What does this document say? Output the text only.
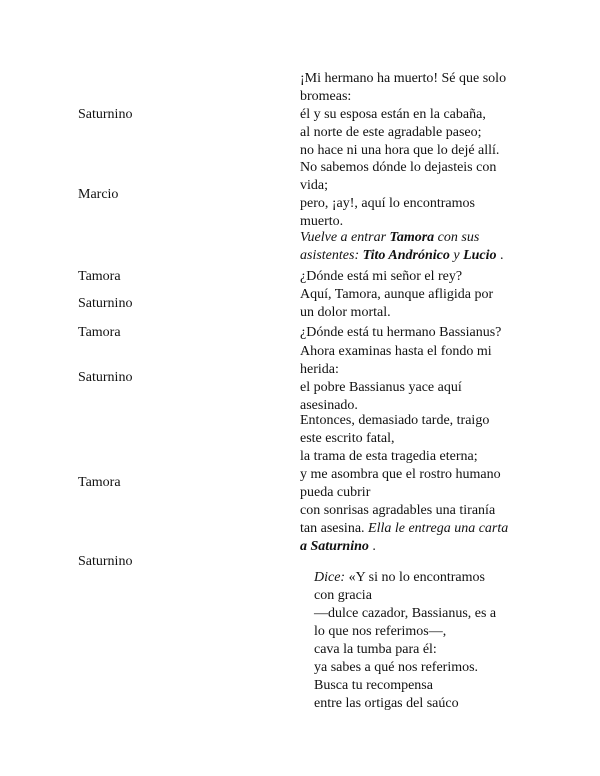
Saturnino
¡Mi hermano ha muerto! Sé que solo
bromeas:
él y su esposa están en la cabaña,
al norte de este agradable paseo;
no hace ni una hora que lo dejé allí.
Marcio
No sabemos dónde lo dejasteis con
vida;
pero, ¡ay!, aquí lo encontramos
muerto.
Vuelve a entrar Tamora con sus
asistentes: Tito Andrónico y Lucio .
Tamora	¿Dónde está mi señor el rey?
Saturnino
Aquí, Tamora, aunque afligida por
un dolor mortal.
Tamora	¿Dónde está tu hermano Bassianus?
Saturnino
Ahora examinas hasta el fondo mi
herida:
el pobre Bassianus yace aquí
asesinado.
Tamora
Entonces, demasiado tarde, traigo
este escrito fatal,
la trama de esta tragedia eterna;
y me asombra que el rostro humano
pueda cubrir
con sonrisas agradables una tiranía
tan asesina. Ella le entrega una carta
a Saturnino .
Saturnino
Dice: «Y si no lo encontramos
con gracia
—dulce cazador, Bassianus, es a
lo que nos referimos—,
cava la tumba para él:
ya sabes a qué nos referimos.
Busca tu recompensa
entre las ortigas del saúco
